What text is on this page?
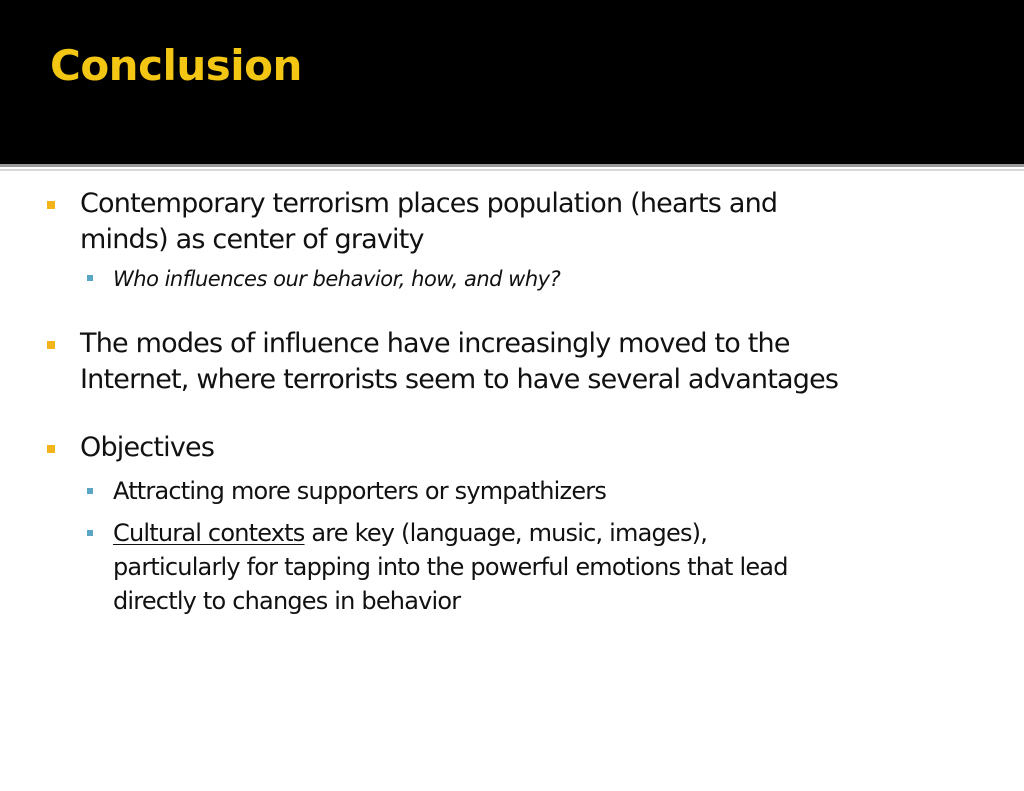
Conclusion
Contemporary terrorism places population (hearts and
minds) as center of gravity
Who influences our behavior, how, and why?
The modes of influence have increasingly moved to the
Internet, where terrorists seem to have several advantages
Objectives
Attracting more supporters or sympathizers
Cultural contexts are key (language, music, images),
particularly for tapping into the powerful emotions that lead
directly to changes in behavior
